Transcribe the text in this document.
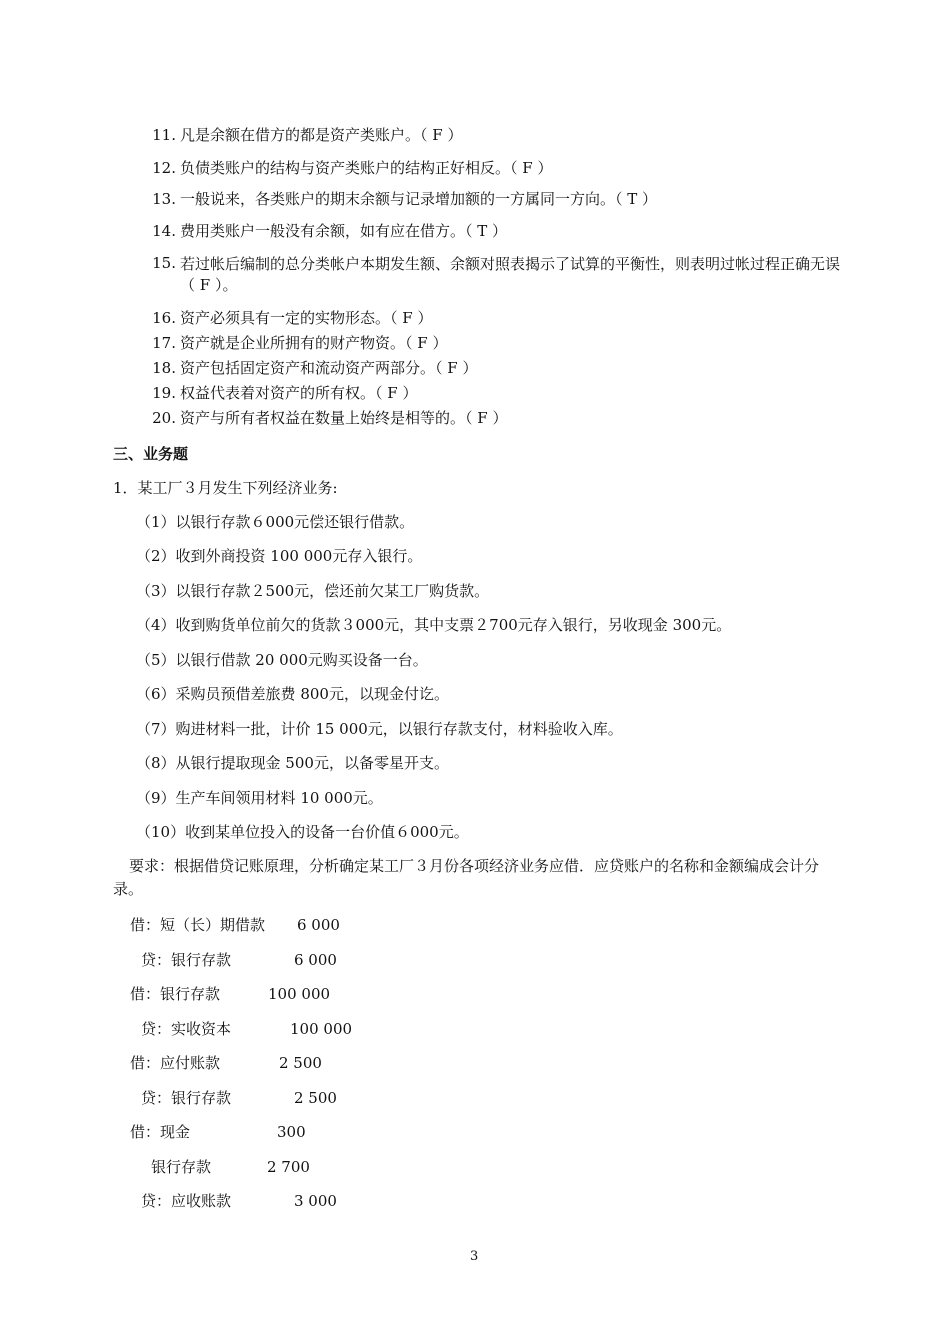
11. 凡是余额在借方的都是资产类账户。（ F ）
12. 负债类账户的结构与资产类账户的结构正好相反。（ F ）
13. 一般说来，各类账户的期末余额与记录增加额的一方属同一方向。（ T ）
14. 费用类账户一般没有余额，如有应在借方。（ T ）
15. 若过帐后编制的总分类帐户本期发生额、余额对照表揭示了试算的平衡性，则表明过帐过程正确无误（ F ）。
16. 资产必须具有一定的实物形态。（ F ）
17. 资产就是企业所拥有的财产物资。（ F ）
18. 资产包括固定资产和流动资产两部分。（ F ）
19. 权益代表着对资产的所有权。（ F ）
20. 资产与所有者权益在数量上始终是相等的。（ F ）
三、业务题
1．某工厂３月发生下列经济业务:
（1）以银行存款６000元偿还银行借款。
（2）收到外商投资 100 000元存入银行。
（3）以银行存款２500元，偿还前欠某工厂购货款。
（4）收到购货单位前欠的货款３000元，其中支票２700元存入银行，另收现金 300元。
（5）以银行借款 20 000元购买设备一台。
（6）采购员预借差旅费 800元，以现金付讫。
（7）购进材料一批，计价 15 000元，以银行存款支付，材料验收入库。
（8）从银行提取现金 500元，以备零星开支。
（9）生产车间领用材料 10 000元。
（10）收到某单位投入的设备一台价值６000元。
要求：根据借贷记账原理，分析确定某工厂３月份各项经济业务应借．应贷账户的名称和金额编成会计分录。
借：短（长）期借款 6 000
贷：银行存款	6 000
借：银行存款	100 000
贷：实收资本	100 000
借：应付账款	2 500
贷：银行存款	2 500
借：现金	300
银行存款	2 700
贷：应收账款	3 000
3
